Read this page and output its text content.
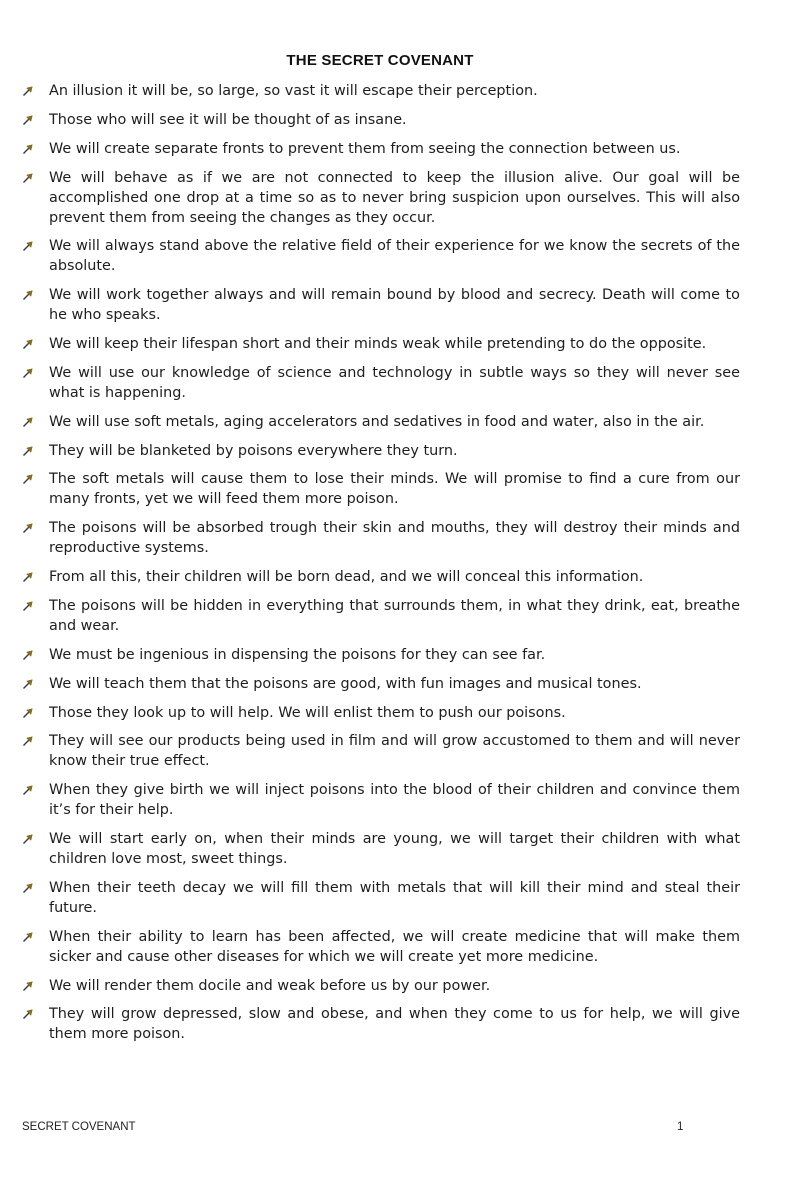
THE SECRET COVENANT
An illusion it will be, so large, so vast it will escape their perception.
Those who will see it will be thought of as insane.
We will create separate fronts to prevent them from seeing the connection between us.
We will behave as if we are not connected to keep the illusion alive. Our goal will be accomplished one drop at a time so as to never bring suspicion upon ourselves. This will also prevent them from seeing the changes as they occur.
We will always stand above the relative field of their experience for we know the secrets of the absolute.
We will work together always and will remain bound by blood and secrecy. Death will come to he who speaks.
We will keep their lifespan short and their minds weak while pretending to do the opposite.
We will use our knowledge of science and technology in subtle ways so they will never see what is happening.
We will use soft metals, aging accelerators and sedatives in food and water, also in the air.
They will be blanketed by poisons everywhere they turn.
The soft metals will cause them to lose their minds. We will promise to find a cure from our many fronts, yet we will feed them more poison.
The poisons will be absorbed trough their skin and mouths, they will destroy their minds and reproductive systems.
From all this, their children will be born dead, and we will conceal this information.
The poisons will be hidden in everything that surrounds them, in what they drink, eat, breathe and wear.
We must be ingenious in dispensing the poisons for they can see far.
We will teach them that the poisons are good, with fun images and musical tones.
Those they look up to will help. We will enlist them to push our poisons.
They will see our products being used in film and will grow accustomed to them and will never know their true effect.
When they give birth we will inject poisons into the blood of their children and convince them it’s for their help.
We will start early on, when their minds are young, we will target their children with what children love most, sweet things.
When their teeth decay we will fill them with metals that will kill their mind and steal their future.
When their ability to learn has been affected, we will create medicine that will make them sicker and cause other diseases for which we will create yet more medicine.
We will render them docile and weak before us by our power.
They will grow depressed, slow and obese, and when they come to us for help, we will give them more poison.
SECRET COVENANT	1
